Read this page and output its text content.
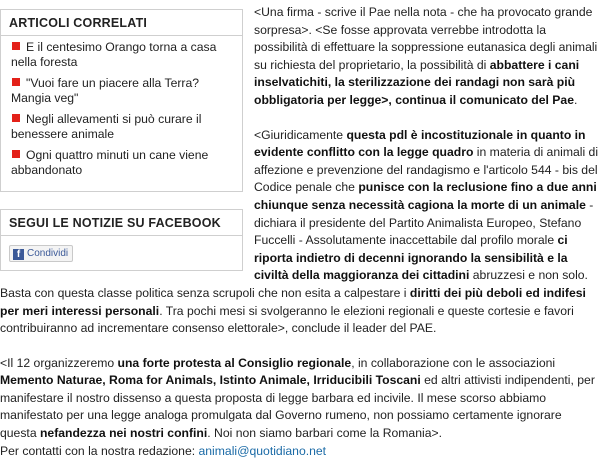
<Una firma - scrive il Pae nella nota - che ha provocato grande sorpresa>. <Se fosse approvata verrebbe introdotta la possibilità di effettuare la soppressione eutanasica degli animali su richiesta del proprietario, la possibilità di abbattere i cani inselvatichiti, la sterilizzazione dei randagi non sarà più obbligatoria per legge>, continua il comunicato del Pae.

<Giuridicamente questa pdl è incostituzionale in quanto in evidente conflitto con la legge quadro in materia di animali di affezione e prevenzione del randagismo e l'articolo 544 - bis del Codice penale che punisce con la reclusione fino a due anni chiunque senza necessità cagiona la morte di un animale - dichiara il presidente del Partito Animalista Europeo, Stefano Fuccelli - Assolutamente inaccettabile dal profilo morale ci riporta indietro di decenni ignorando la sensibilità e la civiltà della maggioranza dei cittadini abruzzesi e non solo. Basta con questa classe politica senza scrupoli che non esita a calpestare i diritti dei più deboli ed indifesi per meri interessi personali. Tra pochi mesi si svolgeranno le elezioni regionali e queste cortesie e favori contribuiranno ad incrementare consenso elettorale>, conclude il leader del PAE.

<Il 12 organizzeremo una forte protesta al Consiglio regionale, in collaborazione con le associazioni Memento Naturae, Roma for Animals, Istinto Animale, Irriducibili Toscani ed altri attivisti indipendenti, per manifestare il nostro dissenso a questa proposta di legge barbara ed incivile. Il mese scorso abbiamo manifestato per una legge analoga promulgata dal Governo rumeno, non possiamo certamente ignorare questa nefandezza nei nostri confini. Noi non siamo barbari come la Romania>.

Per contatti con la nostra redazione: animali@quotidiano.net

ARTICOLI CORRELATI
E il centesimo Orango torna a casa nella foresta
"Vuoi fare un piacere alla Terra? Mangia veg"
Negli allevamenti si può curare il benessere animale
Ogni quattro minuti un cane viene abbandonato
SEGUI LE NOTIZIE SU FACEBOOK
f Condividi
